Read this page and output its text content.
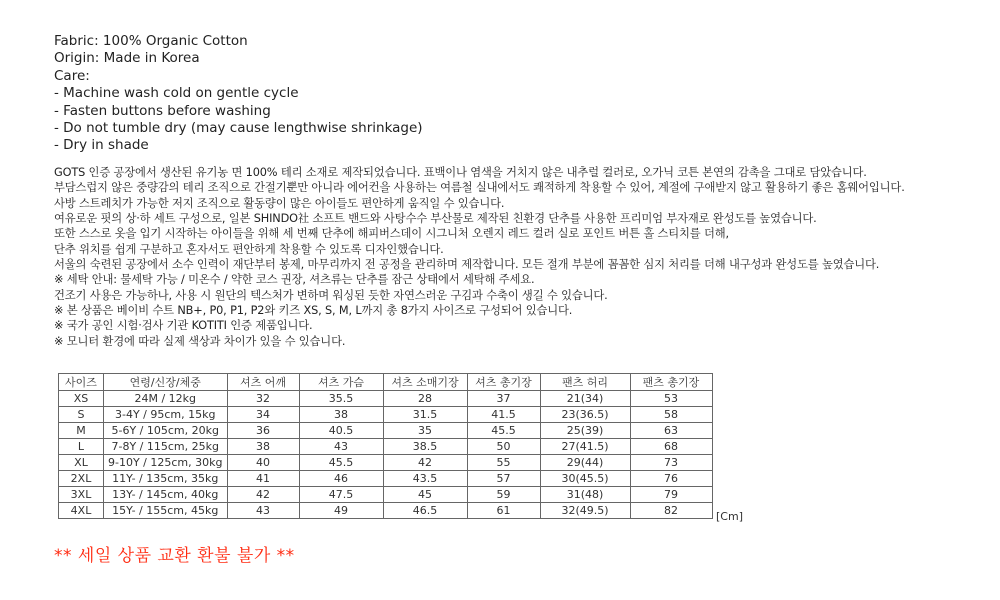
Fabric: 100% Organic Cotton
Origin: Made in Korea
Care:
- Machine wash cold on gentle cycle
- Fasten buttons before washing
- Do not tumble dry (may cause lengthwise shrinkage)
- Dry in shade
GOTS 인증 공장에서 생산된 유기농 면 100% 테리 소재로 제작되었습니다. 표백이나 염색을 거치지 않은 내추럴 컬러로, 오가닉 코튼 본연의 감촉을 그대로 담았습니다.
부담스럽지 않은 중량감의 테리 조직으로 간절기뿐만 아니라 에어컨을 사용하는 여름철 실내에서도 쾌적하게 착용할 수 있어, 계절에 구애받지 않고 활용하기 좋은 홈웨어입니다.
사방 스트레치가 가능한 저지 조직으로 활동량이 많은 아이들도 편안하게 움직일 수 있습니다.
여유로운 핏의 상·하 세트 구성으로, 일본 SHINDO社 소프트 밴드와 사탕수수 부산물로 제작된 친환경 단추를 사용한 프리미엄 부자재로 완성도를 높였습니다.
또한 스스로 옷을 입기 시작하는 아이들을 위해 세 번째 단추에 해피버스데이 시그니처 오렌지 레드 컬러 실로 포인트 버튼 홀 스티치를 더해,
단추 위치를 쉽게 구분하고 혼자서도 편안하게 착용할 수 있도록 디자인했습니다.
서울의 숙련된 공장에서 소수 인력이 재단부터 봉제, 마무리까지 전 공정을 관리하며 제작합니다. 모든 절개 부분에 꼼꼼한 심지 처리를 더해 내구성과 완성도를 높였습니다.
※ 세탁 안내: 물세탁 가능 / 미온수 / 약한 코스 권장, 셔츠류는 단추를 잠근 상태에서 세탁해 주세요.
건조기 사용은 가능하나, 사용 시 원단의 텍스처가 변하며 워싱된 듯한 자연스러운 구김과 수축이 생길 수 있습니다.
※ 본 상품은 베이비 수트 NB+, P0, P1, P2와 키즈 XS, S, M, L까지 총 8가지 사이즈로 구성되어 있습니다.
※ 국가 공인 시험·검사 기관 KOTITI 인증 제품입니다.
※ 모니터 환경에 따라 실제 색상과 차이가 있을 수 있습니다.
사이즈	연령/신장/체중	셔츠 어깨	셔츠 가슴	셔츠 소매기장	셔츠 총기장	팬츠 허리	팬츠 총기장
XS	24M / 12kg	32	35.5	28	37	21(34)	53
S	3-4Y / 95cm, 15kg	34	38	31.5	41.5	23(36.5)	58
M	5-6Y / 105cm, 20kg	36	40.5	35	45.5	25(39)	63
L	7-8Y / 115cm, 25kg	38	43	38.5	50	27(41.5)	68
XL	9-10Y / 125cm, 30kg	40	45.5	42	55	29(44)	73
2XL	11Y- / 135cm, 35kg	41	46	43.5	57	30(45.5)	76
3XL	13Y- / 145cm, 40kg	42	47.5	45	59	31(48)	79
4XL	15Y- / 155cm, 45kg	43	49	46.5	61	32(49.5)	82	[Cm]
** 세일 상품 교환 환불 불가 **
